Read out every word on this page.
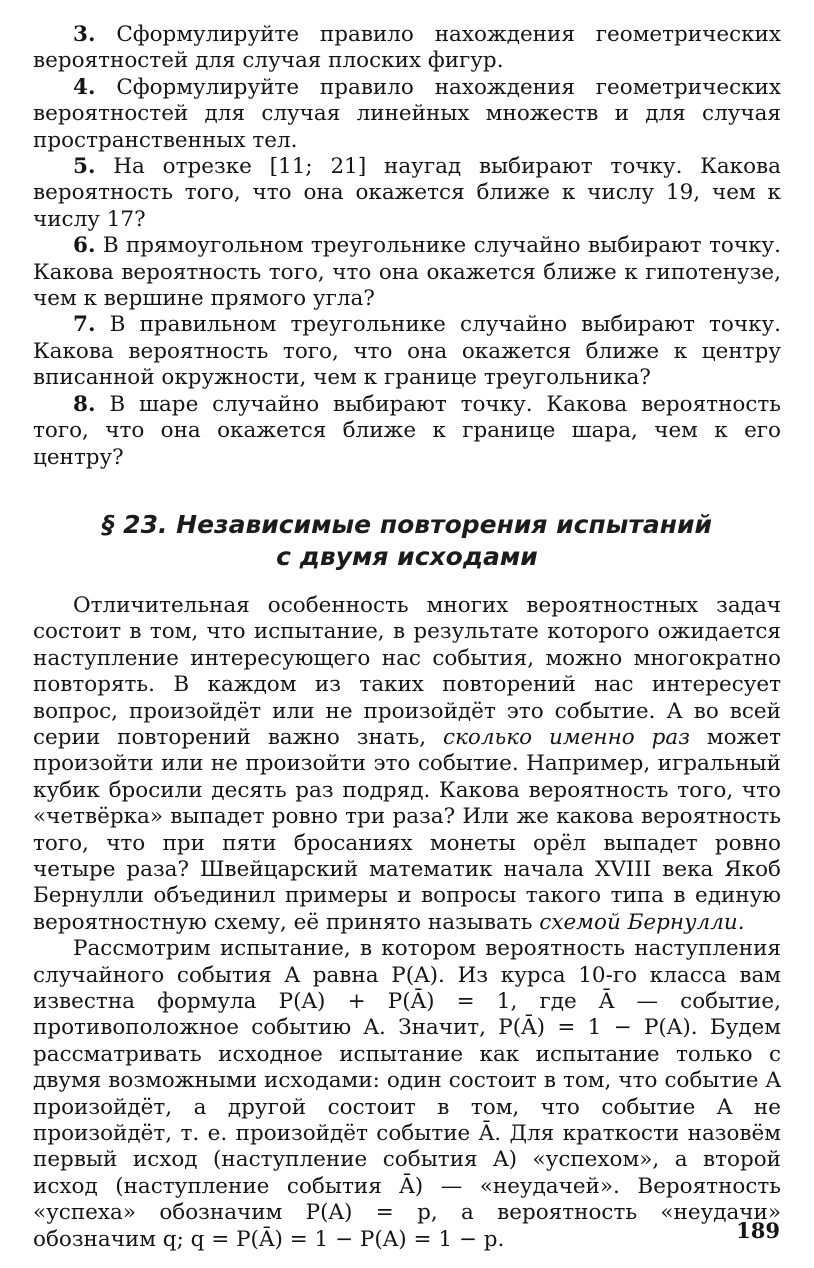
3. Сформулируйте правило нахождения геометрических вероятностей для случая плоских фигур.

4. Сформулируйте правило нахождения геометрических вероятностей для случая линейных множеств и для случая пространственных тел.

5. На отрезке [11; 21] наугад выбирают точку. Какова вероятность того, что она окажется ближе к числу 19, чем к числу 17?

6. В прямоугольном треугольнике случайно выбирают точку. Какова вероятность того, что она окажется ближе к гипотенузе, чем к вершине прямого угла?

7. В правильном треугольнике случайно выбирают точку. Какова вероятность того, что она окажется ближе к центру вписанной окружности, чем к границе треугольника?

8. В шаре случайно выбирают точку. Какова вероятность того, что она окажется ближе к границе шара, чем к его центру?

§ 23. Независимые повторения испытаний
с двумя исходами

Отличительная особенность многих вероятностных задач состоит в том, что испытание, в результате которого ожидается наступление интересующего нас события, можно многократно повторять. В каждом из таких повторений нас интересует вопрос, произойдёт или не произойдёт это событие. А во всей серии повторений важно знать, сколько именно раз может произойти или не произойти это событие. Например, игральный кубик бросили десять раз подряд. Какова вероятность того, что «четвёрка» выпадет ровно три раза? Или же какова вероятность того, что при пяти бросаниях монеты орёл выпадет ровно четыре раза? Швейцарский математик начала XVIII века Якоб Бернулли объединил примеры и вопросы такого типа в единую вероятностную схему, её принято называть схемой Бернулли.

Рассмотрим испытание, в котором вероятность наступления случайного события A равна P(A). Из курса 10-го класса вам известна формула P(A) + P(Ā) = 1, где Ā — событие, противоположное событию A. Значит, P(Ā) = 1 − P(A). Будем рассматривать исходное испытание как испытание только с двумя возможными исходами: один состоит в том, что событие A произойдёт, а другой состоит в том, что событие A не произойдёт, т. е. произойдёт событие Ā. Для краткости назовём первый исход (наступление события A) «успехом», а второй исход (наступление события Ā) — «неудачей». Вероятность «успеха» обозначим P(A) = p, а вероятность «неудачи» обозначим q; q = P(Ā) = 1 − P(A) = 1 − p.	189
